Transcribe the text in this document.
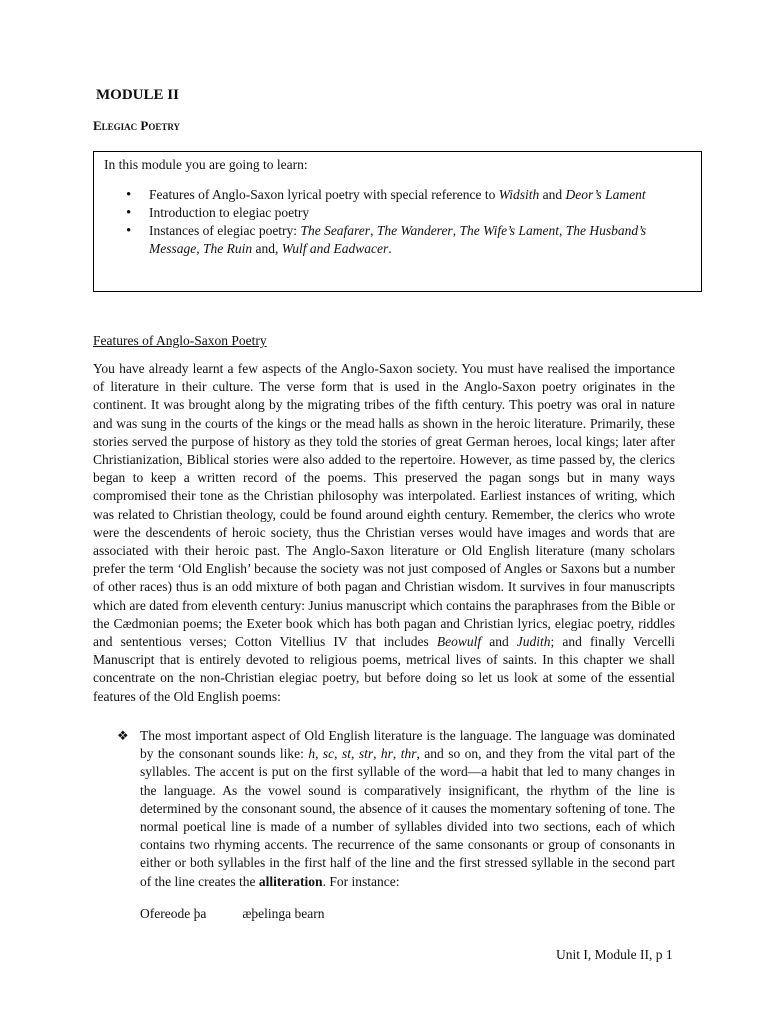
MODULE II
Elegiac Poetry
In this module you are going to learn:
• Features of Anglo-Saxon lyrical poetry with special reference to Widsith and Deor’s Lament
• Introduction to elegiac poetry
• Instances of elegiac poetry: The Seafarer, The Wanderer, The Wife’s Lament, The Husband’s Message, The Ruin and, Wulf and Eadwacer.
Features of Anglo-Saxon Poetry

You have already learnt a few aspects of the Anglo-Saxon society. You must have realised the importance of literature in their culture. The verse form that is used in the Anglo-Saxon poetry originates in the continent. It was brought along by the migrating tribes of the fifth century. This poetry was oral in nature and was sung in the courts of the kings or the mead halls as shown in the heroic literature. Primarily, these stories served the purpose of history as they told the stories of great German heroes, local kings; later after Christianization, Biblical stories were also added to the repertoire. However, as time passed by, the clerics began to keep a written record of the poems. This preserved the pagan songs but in many ways compromised their tone as the Christian philosophy was interpolated. Earliest instances of writing, which was related to Christian theology, could be found around eighth century. Remember, the clerics who wrote were the descendents of heroic society, thus the Christian verses would have images and words that are associated with their heroic past. The Anglo-Saxon literature or Old English literature (many scholars prefer the term ‘Old English’ because the society was not just composed of Angles or Saxons but a number of other races) thus is an odd mixture of both pagan and Christian wisdom. It survives in four manuscripts which are dated from eleventh century: Junius manuscript which contains the paraphrases from the Bible or the Cædmonian poems; the Exeter book which has both pagan and Christian lyrics, elegiac poetry, riddles and sententious verses; Cotton Vitellius IV that includes Beowulf and Judith; and finally Vercelli Manuscript that is entirely devoted to religious poems, metrical lives of saints. In this chapter we shall concentrate on the non-Christian elegiac poetry, but before doing so let us look at some of the essential features of the Old English poems:

❖ The most important aspect of Old English literature is the language. The language was dominated by the consonant sounds like: h, sc, st, str, hr, thr, and so on, and they from the vital part of the syllables. The accent is put on the first syllable of the word—a habit that led to many changes in the language. As the vowel sound is comparatively insignificant, the rhythm of the line is determined by the consonant sound, the absence of it causes the momentary softening of tone. The normal poetical line is made of a number of syllables divided into two sections, each of which contains two rhyming accents. The recurrence of the same consonants or group of consonants in either or both syllables in the first half of the line and the first stressed syllable in the second part of the line creates the alliteration. For instance:

Ofereode þa	æþelinga bearn
Unit I, Module II, p 1
